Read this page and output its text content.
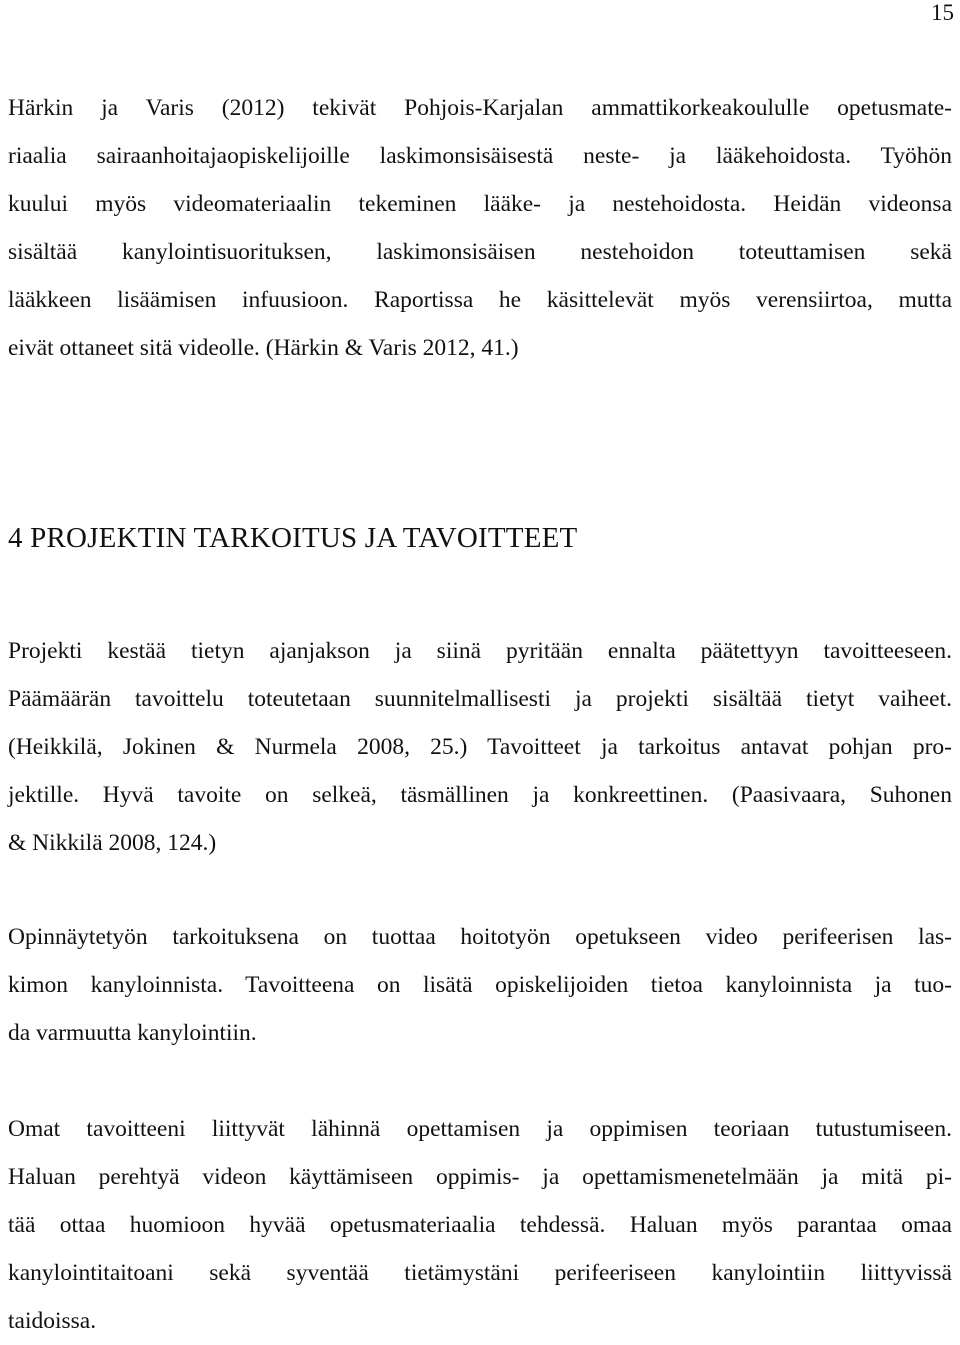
15
Härkin ja Varis (2012) tekivät Pohjois-Karjalan ammattikorkeakoululle opetusmate-
riaalia sairaanhoitajaopiskelijoille laskimonsisäisestä neste- ja lääkehoidosta. Työhön
kuului myös videomateriaalin tekeminen lääke- ja nestehoidosta. Heidän videonsa
sisältää kanylointisuorituksen, laskimonsisäisen nestehoidon toteuttamisen sekä
lääkkeen lisäämisen infuusioon. Raportissa he käsittelevät myös verensiirtoa, mutta
eivät ottaneet sitä videolle. (Härkin & Varis 2012, 41.)
4 PROJEKTIN TARKOITUS JA TAVOITTEET
Projekti kestää tietyn ajanjakson ja siinä pyritään ennalta päätettyyn tavoitteeseen.
Päämäärän tavoittelu toteutetaan suunnitelmallisesti ja projekti sisältää tietyt vaiheet.
(Heikkilä, Jokinen & Nurmela 2008, 25.) Tavoitteet ja tarkoitus antavat pohjan pro-
jektille. Hyvä tavoite on selkeä, täsmällinen ja konkreettinen. (Paasivaara, Suhonen
& Nikkilä 2008, 124.)
Opinnäytetyön tarkoituksena on tuottaa hoitotyön opetukseen video perifeerisen las-
kimon kanyloinnista. Tavoitteena on lisätä opiskelijoiden tietoa kanyloinnista ja tuo-
da varmuutta kanylointiin.
Omat tavoitteeni liittyvät lähinnä opettamisen ja oppimisen teoriaan tutustumiseen.
Haluan perehtyä videon käyttämiseen oppimis- ja opettamismenetelmään ja mitä pi-
tää ottaa huomioon hyvää opetusmateriaalia tehdessä. Haluan myös parantaa omaa
kanylointitaitoani sekä syventää tietämystäni perifeeriseen kanylointiin liittyvissä
taidoissa.
